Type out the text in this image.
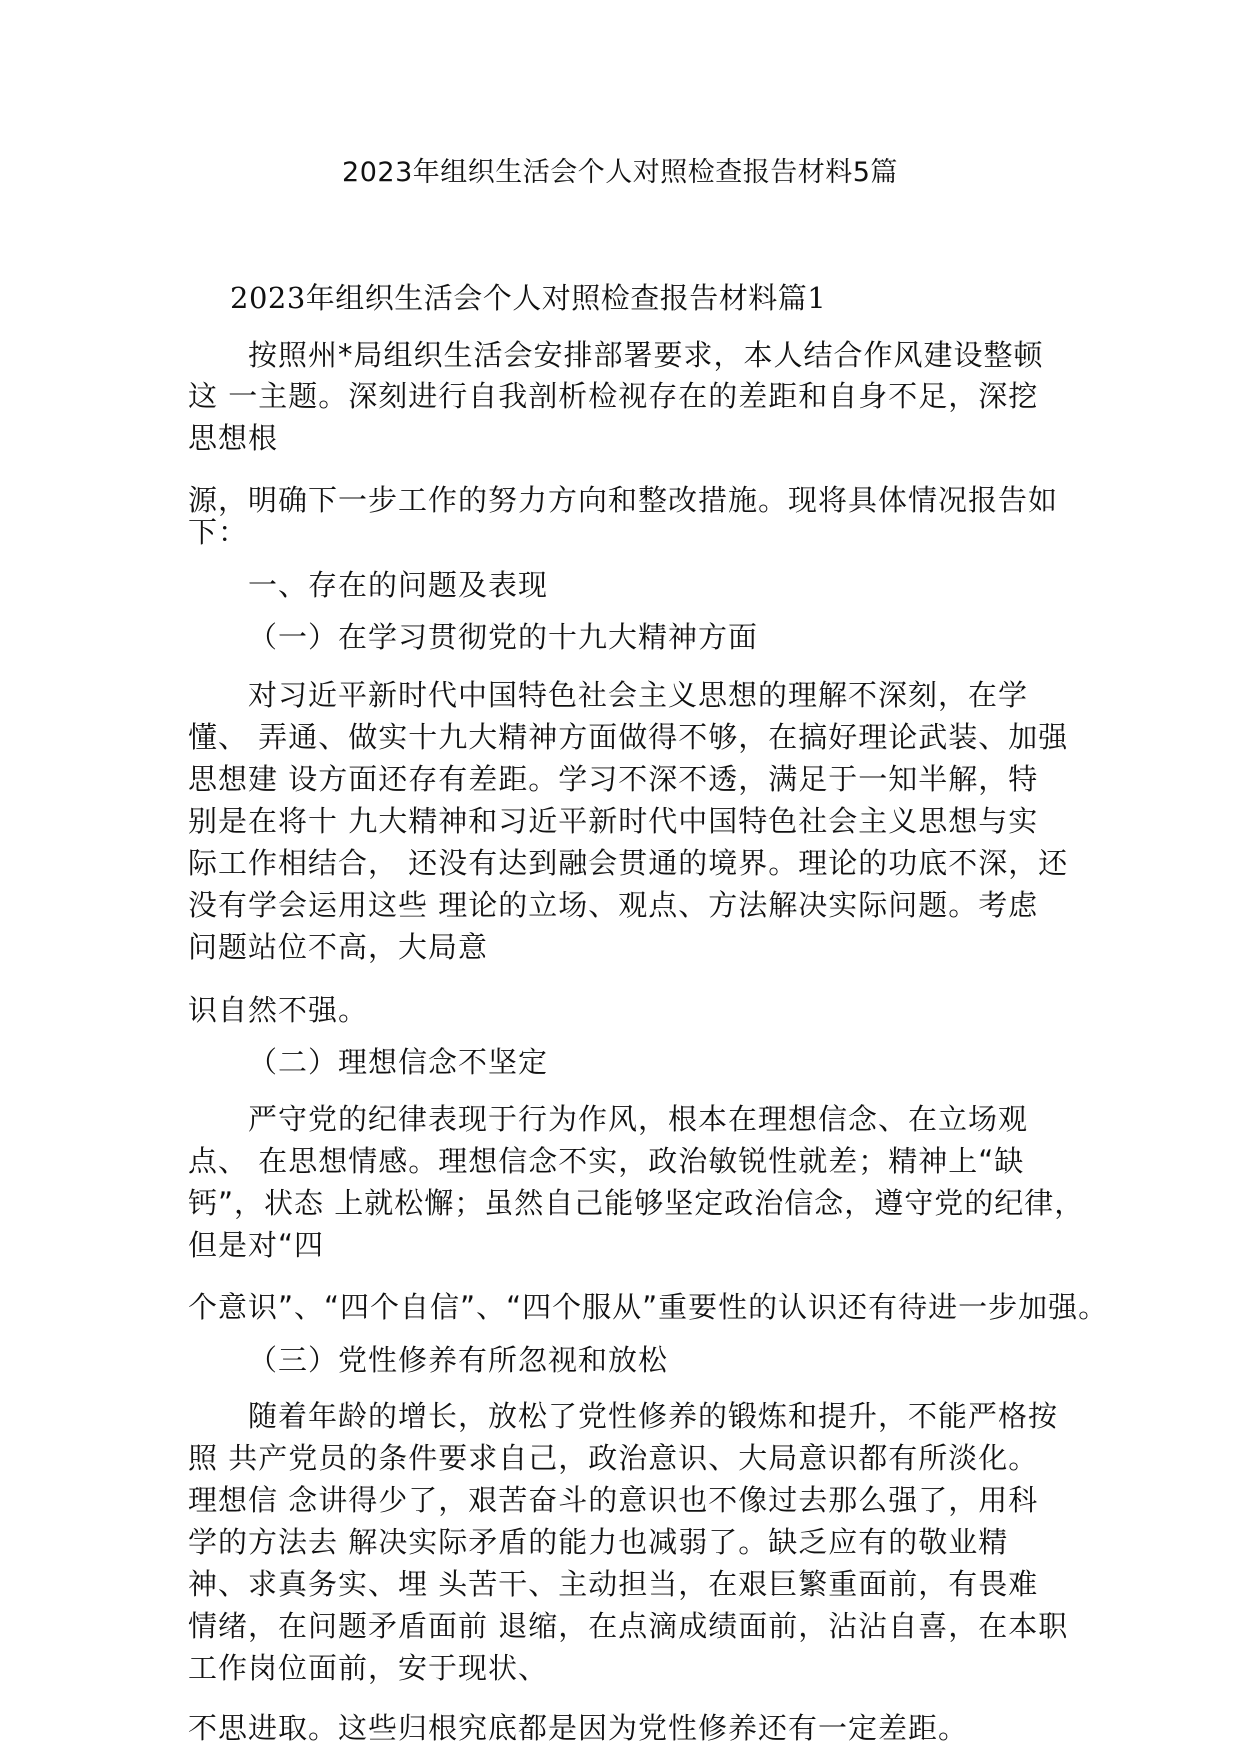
2023年组织生活会个人对照检查报告材料5篇
2023年组织生活会个人对照检查报告材料篇1
按照州*局组织生活会安排部署要求，本人结合作风建设整顿
这 一主题。深刻进行自我剖析检视存在的差距和自身不足，深挖
思想根
源，明确下一步工作的努力方向和整改措施。现将具体情况报告如
下：
一、存在的问题及表现
（一）在学习贯彻党的十九大精神方面
对习近平新时代中国特色社会主义思想的理解不深刻，在学
懂、 弄通、做实十九大精神方面做得不够，在搞好理论武装、加强
思想建 设方面还存有差距。学习不深不透，满足于一知半解，特
别是在将十 九大精神和习近平新时代中国特色社会主义思想与实
际工作相结合， 还没有达到融会贯通的境界。理论的功底不深，还
没有学会运用这些 理论的立场、观点、方法解决实际问题。考虑
问题站位不高，大局意
识自然不强。
（二）理想信念不坚定
严守党的纪律表现于行为作风，根本在理想信念、在立场观
点、 在思想情感。理想信念不实，政治敏锐性就差；精神上“缺
钙”，状态 上就松懈；虽然自己能够坚定政治信念，遵守党的纪律，
但是对“四
个意识”、“四个自信”、“四个服从”重要性的认识还有待进一步加强。
（三）党性修养有所忽视和放松
随着年龄的增长，放松了党性修养的锻炼和提升，不能严格按
照 共产党员的条件要求自己，政治意识、大局意识都有所淡化。
理想信 念讲得少了，艰苦奋斗的意识也不像过去那么强了，用科
学的方法去 解决实际矛盾的能力也减弱了。缺乏应有的敬业精
神、求真务实、埋 头苦干、主动担当，在艰巨繁重面前，有畏难
情绪，在问题矛盾面前 退缩，在点滴成绩面前，沾沾自喜，在本职
工作岗位面前，安于现状、
不思进取。这些归根究底都是因为党性修养还有一定差距。
